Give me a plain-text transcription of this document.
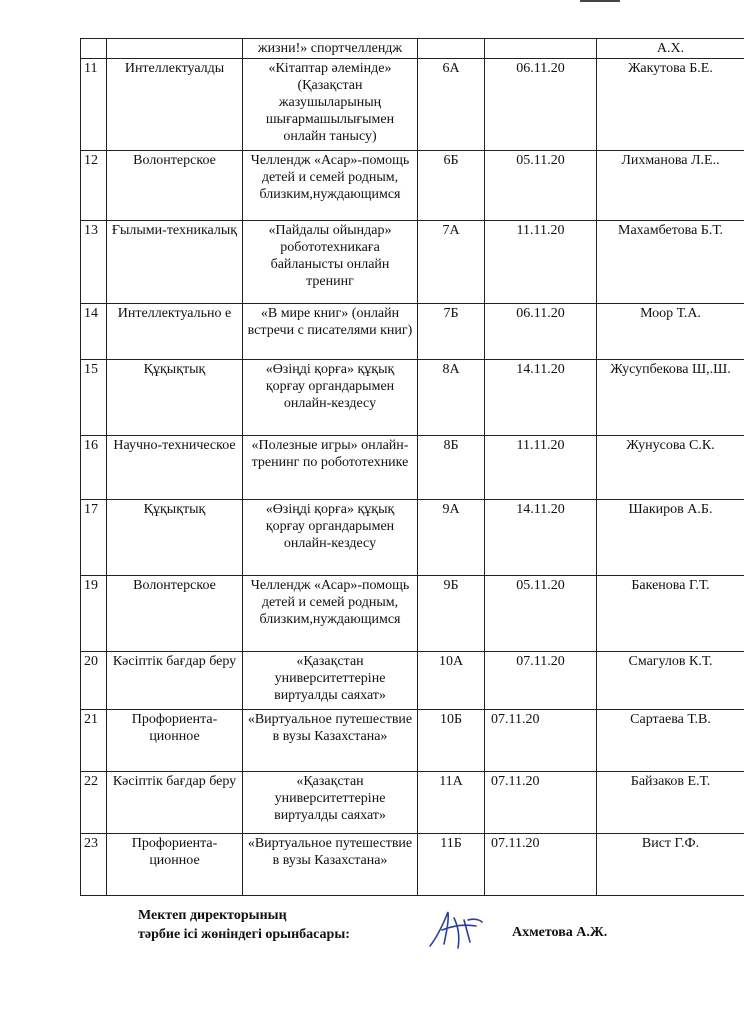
		жизни!» спортчеллендж			А.Х.
11	Интеллектуалды	«Кітаптар әлемінде» (Қазақстан жазушыларының шығармашылығымен онлайн танысу)	6А	06.11.20	Жакутова Б.Е.
12	Волонтерское	Челлендж «Асар»-помощь детей и семей родным, близким,нуждающимся	6Б	05.11.20	Лихманова Л.Е..
13	Ғылыми-техникалық	«Пайдалы ойындар» робототехникаға байланысты онлайн тренинг	7А	11.11.20	Махамбетова Б.Т.
14	Интеллектуально е	«В мире книг» (онлайн встречи с писателями книг)	7Б	06.11.20	Моор Т.А.
15	Құқықтық	«Өзіңді қорға» құқық қорғау органдарымен онлайн-кездесу	8А	14.11.20	Жусупбекова Ш,.Ш.
16	Научно-техническое	«Полезные игры» онлайн-тренинг по робототехнике	8Б	11.11.20	Жунусова С.К.
17	Құқықтық	«Өзіңді қорға» құқық қорғау органдарымен онлайн-кездесу	9А	14.11.20	Шакиров А.Б.
19	Волонтерское	Челлендж «Асар»-помощь детей и семей родным, близким,нуждающимся	9Б	05.11.20	Бакенова Г.Т.
20	Кәсіптік бағдар беру	«Қазақстан университеттеріне виртуалды саяхат»	10А	07.11.20	Смагулов К.Т.
21	Профориента-ционное	«Виртуальное путешествие в вузы Казахстана»	10Б	07.11.20	Сартаева Т.В.
22	Кәсіптік бағдар беру	«Қазақстан университеттеріне виртуалды саяхат»	11А	07.11.20	Байзаков Е.Т.
23	Профориента-ционное	«Виртуальное путешествие в вузы Казахстана»	11Б	07.11.20	Вист Г.Ф.
Мектеп директорының
тәрбие ісі жөніндегі орынбасары:	Ахметова А.Ж.
